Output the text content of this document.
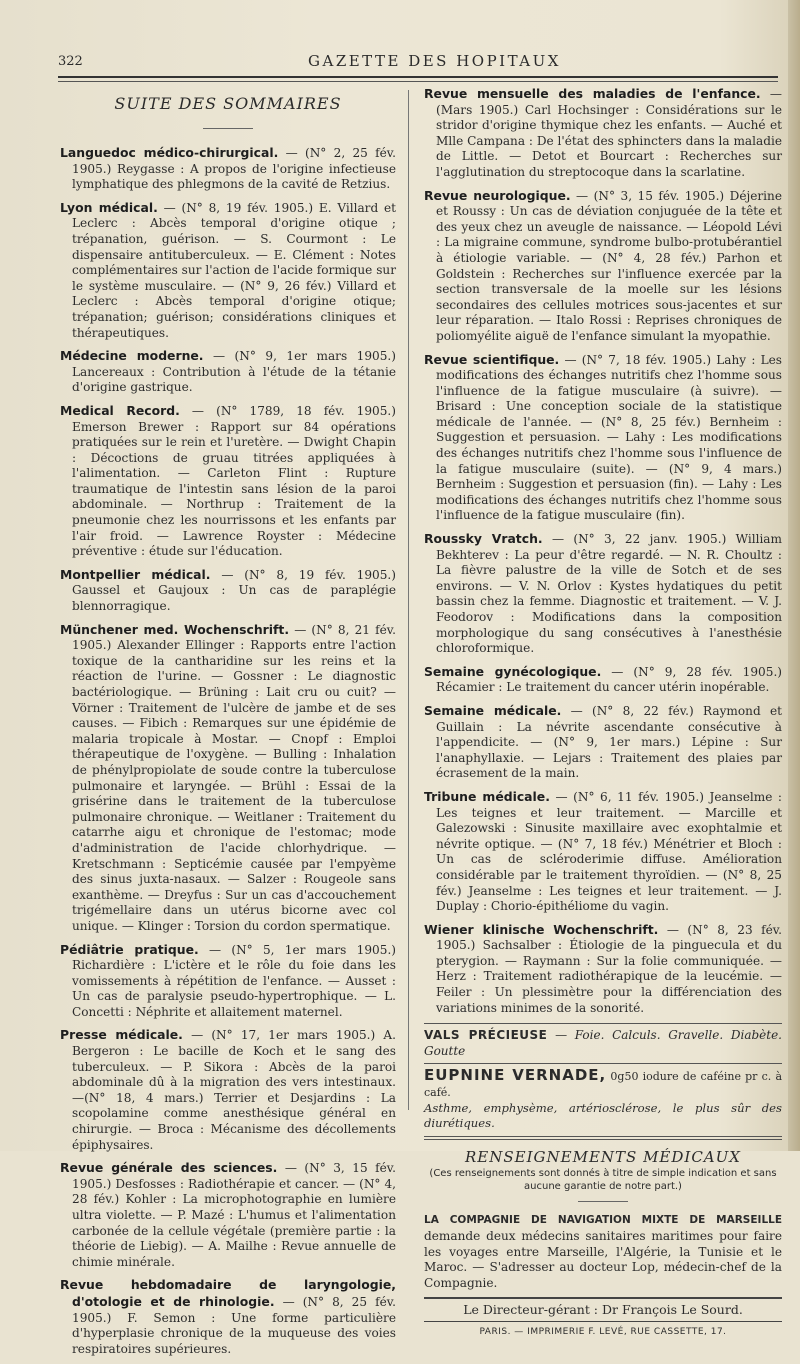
322	GAZETTE DES HOPITAUX
SUITE DES SOMMAIRES

Languedoc médico-chirurgical. — (N° 2, 25 fév. 1905.) Reygasse : A propos de l'origine infectieuse lymphatique des phlegmons de la cavité de Retzius.

Lyon médical. — (N° 8, 19 fév. 1905.) E. Villard et Leclerc : Abcès temporal d'origine otique ; trépanation, guérison. — S. Courmont : Le dispensaire antituberculeux. — E. Clément : Notes complémentaires sur l'action de l'acide formique sur le système musculaire. — (N° 9, 26 fév.) Villard et Leclerc : Abcès temporal d'origine otique; trépanation; guérison; considérations cliniques et thérapeutiques.

Médecine moderne. — (N° 9, 1er mars 1905.) Lancereaux : Contribution à l'étude de la tétanie d'origine gastrique.

Medical Record. — (N° 1789, 18 fév. 1905.) Emerson Brewer : Rapport sur 84 opérations pratiquées sur le rein et l'uretère. — Dwight Chapin : Décoctions de gruau titrées appliquées à l'alimentation. — Carleton Flint : Rupture traumatique de l'intestin sans lésion de la paroi abdominale. — Northrup : Traitement de la pneumonie chez les nourrissons et les enfants par l'air froid. — Lawrence Royster : Médecine préventive : étude sur l'éducation.

Montpellier médical. — (N° 8, 19 fév. 1905.) Gaussel et Gaujoux : Un cas de paraplégie blennorragique.

Münchener med. Wochenschrift. — (N° 8, 21 fév. 1905.) Alexander Ellinger : Rapports entre l'action toxique de la cantharidine sur les reins et la réaction de l'urine. — Gossner : Le diagnostic bactériologique. — Brüning : Lait cru ou cuit? — Vörner : Traitement de l'ulcère de jambe et de ses causes. — Fibich : Remarques sur une épidémie de malaria tropicale à Mostar. — Cnopf : Emploi thérapeutique de l'oxygène. — Bulling : Inhalation de phénylpropiolate de soude contre la tuberculose pulmonaire et laryngée. — Brühl : Essai de la grisérine dans le traitement de la tuberculose pulmonaire chronique. — Weitlaner : Traitement du catarrhe aigu et chronique de l'estomac; mode d'administration de l'acide chlorhydrique. — Kretschmann : Septicémie causée par l'empyème des sinus juxta-nasaux. — Salzer : Rougeole sans exanthème. — Dreyfus : Sur un cas d'accouchement trigémellaire dans un utérus bicorne avec col unique. — Klinger : Torsion du cordon spermatique.

Pédiâtrie pratique. — (N° 5, 1er mars 1905.) Richardière : L'ictère et le rôle du foie dans les vomissements à répétition de l'enfance. — Ausset : Un cas de paralysie pseudo-hypertrophique. — L. Concetti : Néphrite et allaitement maternel.

Presse médicale. — (N° 17, 1er mars 1905.) A. Bergeron : Le bacille de Koch et le sang des tuberculeux. — P. Sikora : Abcès de la paroi abdominale dû à la migration des vers intestinaux. —(N° 18, 4 mars.) Terrier et Desjardins : La scopolamine comme anesthésique général en chirurgie. — Broca : Mécanisme des décollements épiphysaires.

Revue générale des sciences. — (N° 3, 15 fév. 1905.) Desfosses : Radiothérapie et cancer. — (N° 4, 28 fév.) Kohler : La microphotographie en lumière ultra violette. — P. Mazé : L'humus et l'alimentation carbonée de la cellule végétale (première partie : la théorie de Liebig). — A. Mailhe : Revue annuelle de chimie minérale.

Revue hebdomadaire de laryngologie, d'otologie et de rhinologie. — (N° 8, 25 fév. 1905.) F. Semon : Une forme particulière d'hyperplasie chronique de la muqueuse des voies respiratoires supérieures.

Revue mensuelle des maladies de l'enfance. — (Mars 1905.) Carl Hochsinger : Considérations sur le stridor d'origine thymique chez les enfants. — Auché et Mlle Campana : De l'état des sphincters dans la maladie de Little. — Detot et Bourcart : Recherches sur l'agglutination du streptocoque dans la scarlatine.

Revue neurologique. — (N° 3, 15 fév. 1905.) Déjerine et Roussy : Un cas de déviation conjuguée de la tête et des yeux chez un aveugle de naissance. — Léopold Lévi : La migraine commune, syndrome bulbo-protubérantiel à étiologie variable. — (N° 4, 28 fév.) Parhon et Goldstein : Recherches sur l'influence exercée par la section transversale de la moelle sur les lésions secondaires des cellules motrices sous-jacentes et sur leur réparation. — Italo Rossi : Reprises chroniques de poliomyélite aiguë de l'enfance simulant la myopathie.

Revue scientifique. — (N° 7, 18 fév. 1905.) Lahy : Les modifications des échanges nutritifs chez l'homme sous l'influence de la fatigue musculaire (à suivre). — Brisard : Une conception sociale de la statistique médicale de l'année. — (N° 8, 25 fév.) Bernheim : Suggestion et persuasion. — Lahy : Les modifications des échanges nutritifs chez l'homme sous l'influence de la fatigue musculaire (suite). — (N° 9, 4 mars.) Bernheim : Suggestion et persuasion (fin). — Lahy : Les modifications des échanges nutritifs chez l'homme sous l'influence de la fatigue musculaire (fin).

Roussky Vratch. — (N° 3, 22 janv. 1905.) William Bekhterev : La peur d'être regardé. — N. R. Choultz : La fièvre palustre de la ville de Sotch et de ses environs. — V. N. Orlov : Kystes hydatiques du petit bassin chez la femme. Diagnostic et traitement. — V. J. Feodorov : Modifications dans la composition morphologique du sang consécutives à l'anesthésie chloroformique.

Semaine gynécologique. — (N° 9, 28 fév. 1905.) Récamier : Le traitement du cancer utérin inopérable.

Semaine médicale. — (N° 8, 22 fév.) Raymond et Guillain : La névrite ascendante consécutive à l'appendicite. — (N° 9, 1er mars.) Lépine : Sur l'anaphyllaxie. — Lejars : Traitement des plaies par écrasement de la main.

Tribune médicale. — (N° 6, 11 fév. 1905.) Jeanselme : Les teignes et leur traitement. — Marcille et Galezowski : Sinusite maxillaire avec exophtalmie et névrite optique. — (N° 7, 18 fév.) Ménétrier et Bloch : Un cas de scléroderimie diffuse. Amélioration considérable par le traitement thyroïdien. — (N° 8, 25 fév.) Jeanselme : Les teignes et leur traitement. — J. Duplay : Chorio-épithéliome du vagin.

Wiener klinische Wochenschrift. — (N° 8, 23 fév. 1905.) Sachsalber : Étiologie de la pinguecula et du pterygion. — Raymann : Sur la folie communiquée. — Herz : Traitement radiothérapique de la leucémie. — Feiler : Un plessimètre pour la différenciation des variations minimes de la sonorité.

VALS PRÉCIEUSE — Foie. Calculs. Gravelle. Diabète. Goutte
EUPNINE VERNADE, 0g50 iodure de caféine pr c. à café.
Asthme, emphysème, artériosclérose, le plus sûr des diurétiques.
RENSEIGNEMENTS MÉDICAUX
(Ces renseignements sont donnés à titre de simple indication et sans aucune garantie de notre part.)
LA COMPAGNIE DE NAVIGATION MIXTE DE MARSEILLE demande deux médecins sanitaires maritimes pour faire les voyages entre Marseille, l'Algérie, la Tunisie et le Maroc. — S'adresser au docteur Lop, médecin-chef de la Compagnie.
Le Directeur-gérant : Dr François Le Sourd.
PARIS. — IMPRIMERIE F. LEVÉ, RUE CASSETTE, 17.
